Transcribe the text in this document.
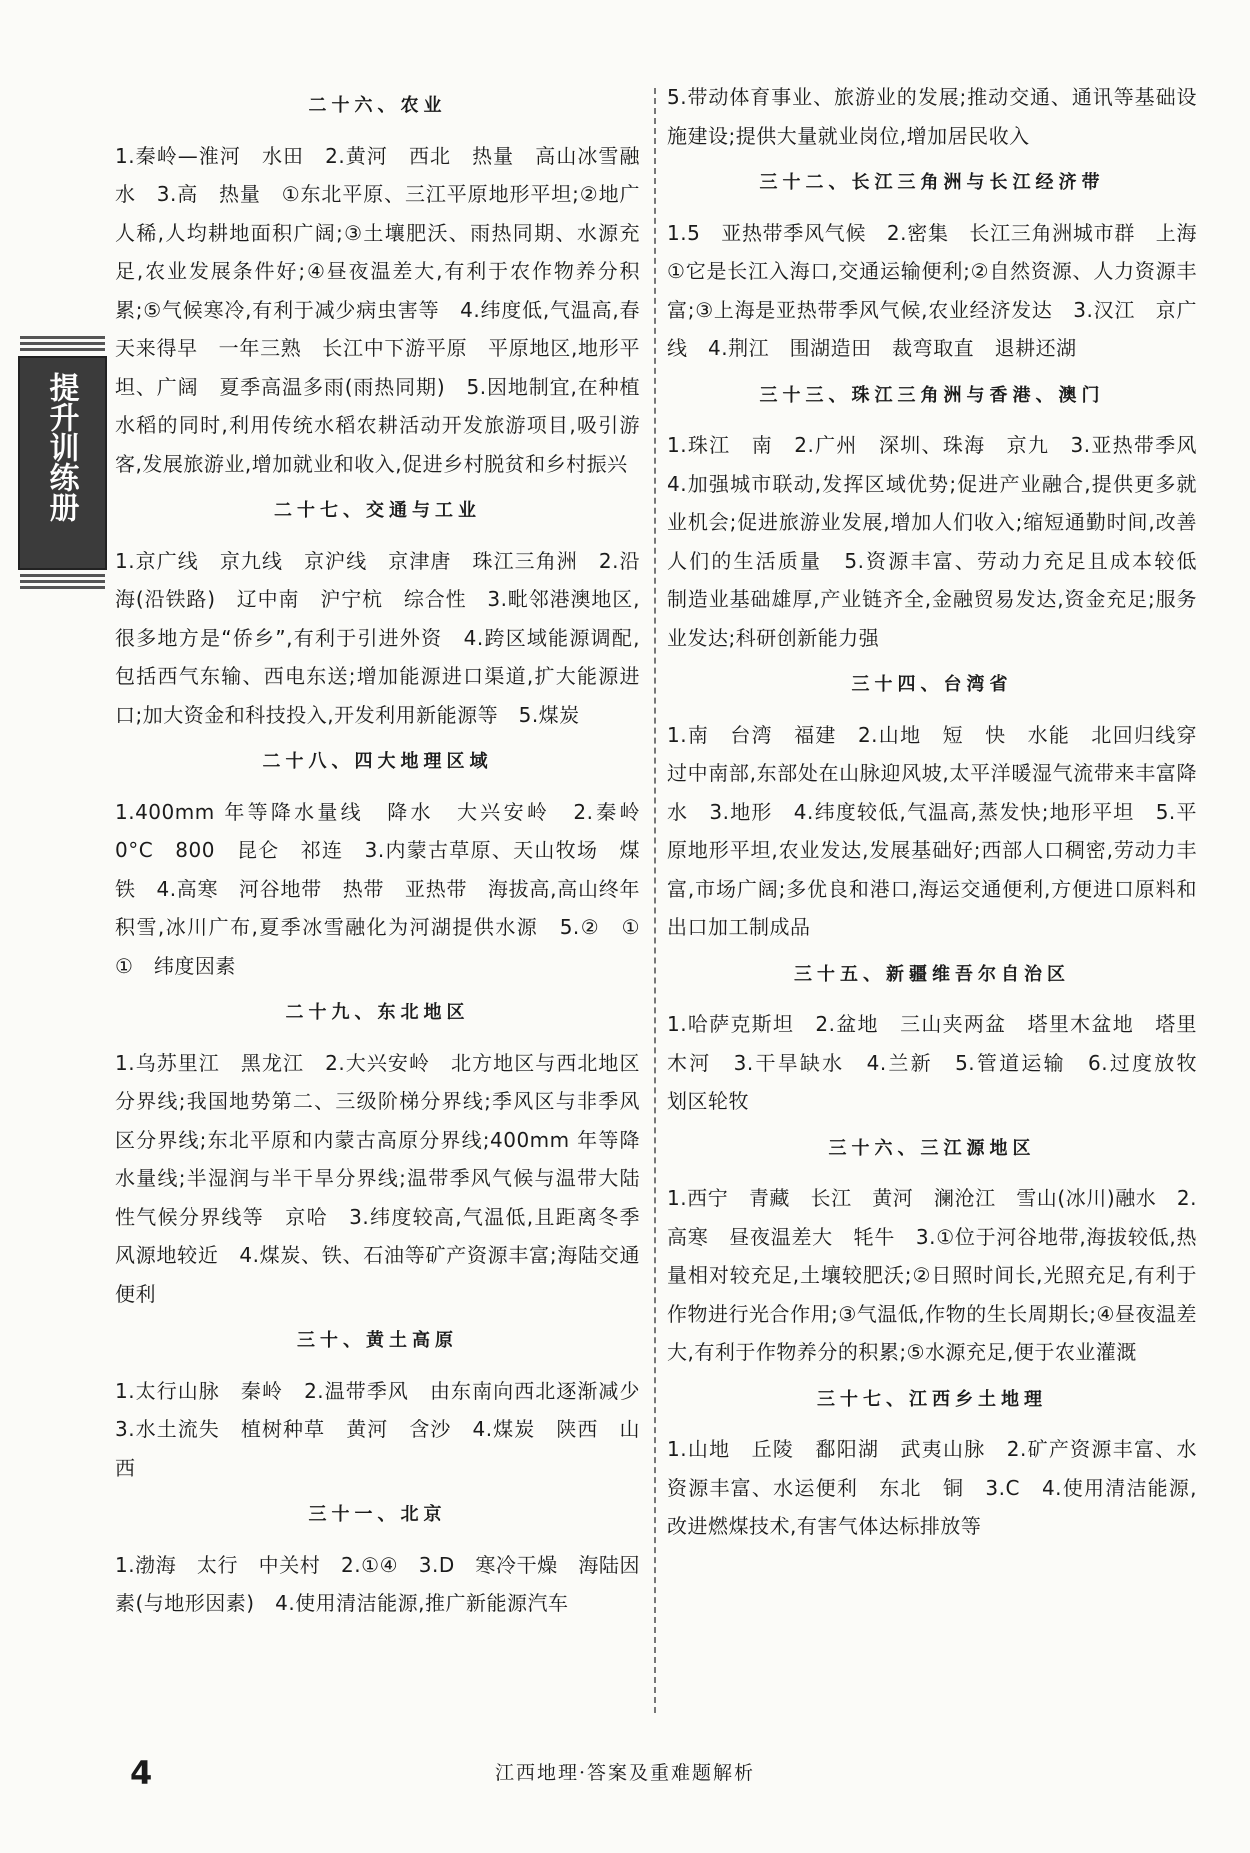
提升训练册
二十六、农业

1.秦岭—淮河　水田　2.黄河　西北　热量　高山冰雪融水　3.高　热量　①东北平原、三江平原地形平坦;②地广人稀,人均耕地面积广阔;③土壤肥沃、雨热同期、水源充足,农业发展条件好;④昼夜温差大,有利于农作物养分积累;⑤气候寒冷,有利于减少病虫害等　4.纬度低,气温高,春天来得早　一年三熟　长江中下游平原　平原地区,地形平坦、广阔　夏季高温多雨(雨热同期)　5.因地制宜,在种植水稻的同时,利用传统水稻农耕活动开发旅游项目,吸引游客,发展旅游业,增加就业和收入,促进乡村脱贫和乡村振兴

二十七、交通与工业

1.京广线　京九线　京沪线　京津唐　珠江三角洲　2.沿海(沿铁路)　辽中南　沪宁杭　综合性　3.毗邻港澳地区,很多地方是“侨乡”,有利于引进外资　4.跨区域能源调配,包括西气东输、西电东送;增加能源进口渠道,扩大能源进口;加大资金和科技投入,开发利用新能源等　5.煤炭

二十八、四大地理区域

1.400mm 年等降水量线　降水　大兴安岭　2.秦岭　0°C　800　昆仑　祁连　3.内蒙古草原、天山牧场　煤　铁　4.高寒　河谷地带　热带　亚热带　海拔高,高山终年积雪,冰川广布,夏季冰雪融化为河湖提供水源　5.②　①　①　纬度因素

二十九、东北地区

1.乌苏里江　黑龙江　2.大兴安岭　北方地区与西北地区分界线;我国地势第二、三级阶梯分界线;季风区与非季风区分界线;东北平原和内蒙古高原分界线;400mm 年等降水量线;半湿润与半干旱分界线;温带季风气候与温带大陆性气候分界线等　京哈　3.纬度较高,气温低,且距离冬季风源地较近　4.煤炭、铁、石油等矿产资源丰富;海陆交通便利

三十、黄土高原

1.太行山脉　秦岭　2.温带季风　由东南向西北逐渐减少　3.水土流失　植树种草　黄河　含沙　4.煤炭　陕西　山西

三十一、北京

1.渤海　太行　中关村　2.①④　3.D　寒冷干燥　海陆因素(与地形因素)　4.使用清洁能源,推广新能源汽车

5.带动体育事业、旅游业的发展;推动交通、通讯等基础设施建设;提供大量就业岗位,增加居民收入

三十二、长江三角洲与长江经济带

1.5　亚热带季风气候　2.密集　长江三角洲城市群　上海　①它是长江入海口,交通运输便利;②自然资源、人力资源丰富;③上海是亚热带季风气候,农业经济发达　3.汉江　京广线　4.荆江　围湖造田　裁弯取直　退耕还湖

三十三、珠江三角洲与香港、澳门

1.珠江　南　2.广州　深圳、珠海　京九　3.亚热带季风　4.加强城市联动,发挥区域优势;促进产业融合,提供更多就业机会;促进旅游业发展,增加人们收入;缩短通勤时间,改善人们的生活质量　5.资源丰富、劳动力充足且成本较低　制造业基础雄厚,产业链齐全,金融贸易发达,资金充足;服务业发达;科研创新能力强

三十四、台湾省

1.南　台湾　福建　2.山地　短　快　水能　北回归线穿过中南部,东部处在山脉迎风坡,太平洋暖湿气流带来丰富降水　3.地形　4.纬度较低,气温高,蒸发快;地形平坦　5.平原地形平坦,农业发达,发展基础好;西部人口稠密,劳动力丰富,市场广阔;多优良和港口,海运交通便利,方便进口原料和出口加工制成品

三十五、新疆维吾尔自治区

1.哈萨克斯坦　2.盆地　三山夹两盆　塔里木盆地　塔里木河　3.干旱缺水　4.兰新　5.管道运输　6.过度放牧　划区轮牧

三十六、三江源地区

1.西宁　青藏　长江　黄河　澜沧江　雪山(冰川)融水　2.高寒　昼夜温差大　牦牛　3.①位于河谷地带,海拔较低,热量相对较充足,土壤较肥沃;②日照时间长,光照充足,有利于作物进行光合作用;③气温低,作物的生长周期长;④昼夜温差大,有利于作物养分的积累;⑤水源充足,便于农业灌溉

三十七、江西乡土地理

1.山地　丘陵　鄱阳湖　武夷山脉　2.矿产资源丰富、水资源丰富、水运便利　东北　铜　3.C　4.使用清洁能源,改进燃煤技术,有害气体达标排放等

4	江西地理·答案及重难题解析
